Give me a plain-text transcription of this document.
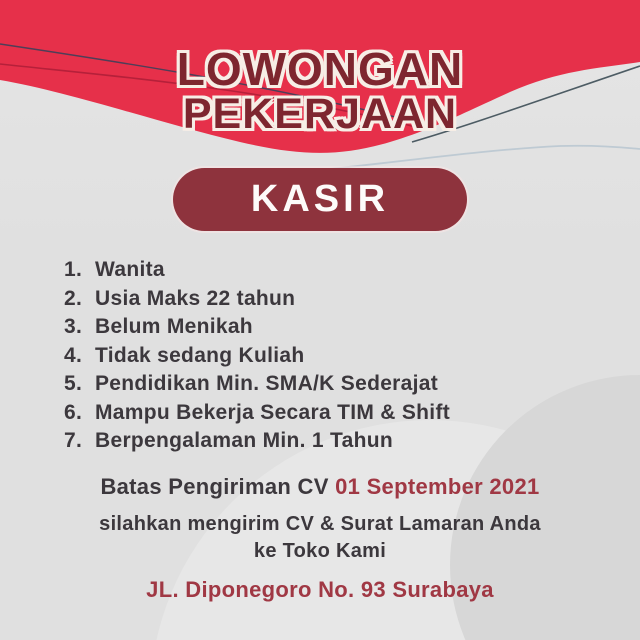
LOWONGAN
PEKERJAAN
KASIR
1. Wanita
2. Usia Maks 22 tahun
3. Belum Menikah
4. Tidak sedang Kuliah
5. Pendidikan Min. SMA/K Sederajat
6. Mampu Bekerja Secara TIM & Shift
7. Berpengalaman Min. 1 Tahun
Batas Pengiriman CV 01 September 2021
silahkan mengirim CV & Surat Lamaran Anda
ke Toko Kami
JL. Diponegoro No. 93 Surabaya
